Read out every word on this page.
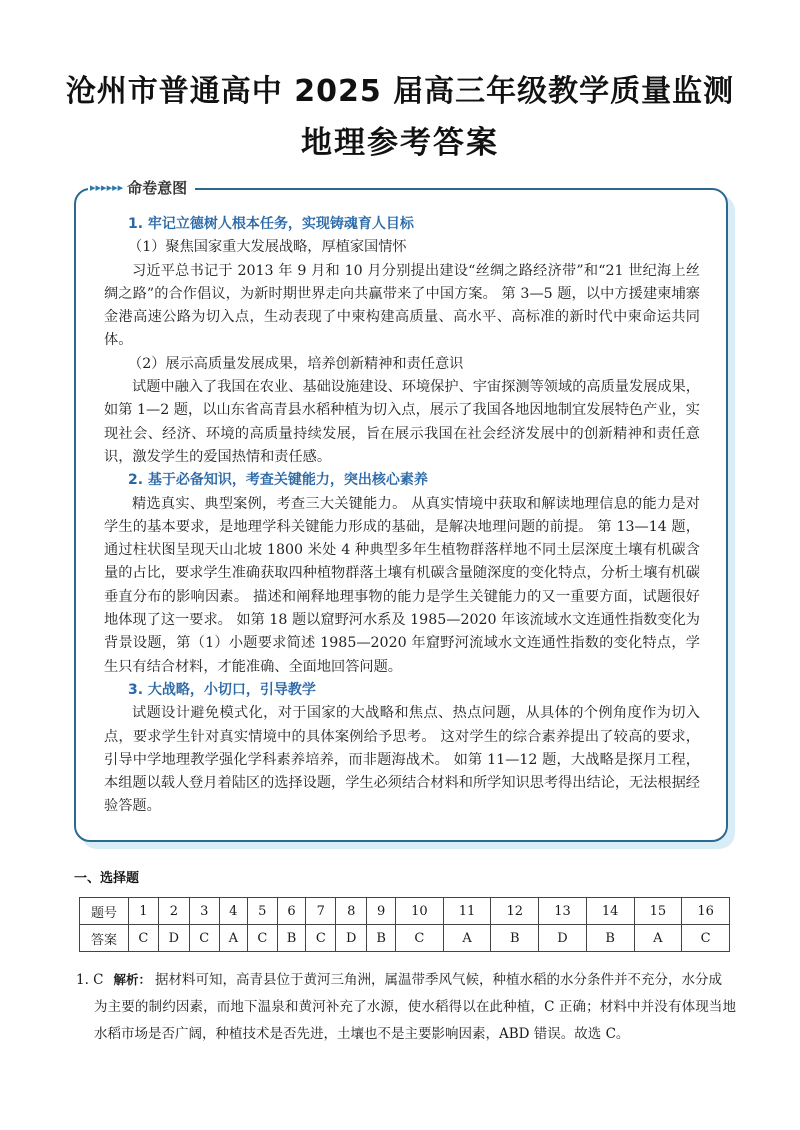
沧州市普通高中 2025 届高三年级教学质量监测
地理参考答案
▸▸▸▸▸▸ 命卷意图
1. 牢记立德树人根本任务，实现铸魂育人目标
（1）聚焦国家重大发展战略，厚植家国情怀
习近平总书记于 2013 年 9 月和 10 月分别提出建设“丝绸之路经济带”和“21 世纪海上丝绸之路”的合作倡议，为新时期世界走向共赢带来了中国方案。 第 3—5 题，以中方援建柬埔寨金港高速公路为切入点，生动表现了中柬构建高质量、高水平、高标准的新时代中柬命运共同体。
（2）展示高质量发展成果，培养创新精神和责任意识
试题中融入了我国在农业、基础设施建设、环境保护、宇宙探测等领域的高质量发展成果，如第 1—2 题，以山东省高青县水稻种植为切入点，展示了我国各地因地制宜发展特色产业，实现社会、经济、环境的高质量持续发展，旨在展示我国在社会经济发展中的创新精神和责任意识，激发学生的爱国热情和责任感。
2. 基于必备知识，考查关键能力，突出核心素养
精选真实、典型案例，考查三大关键能力。 从真实情境中获取和解读地理信息的能力是对学生的基本要求，是地理学科关键能力形成的基础，是解决地理问题的前提。 第 13—14 题，通过柱状图呈现天山北坡 1800 米处 4 种典型多年生植物群落样地不同土层深度土壤有机碳含量的占比，要求学生准确获取四种植物群落土壤有机碳含量随深度的变化特点，分析土壤有机碳垂直分布的影响因素。 描述和阐释地理事物的能力是学生关键能力的又一重要方面，试题很好地体现了这一要求。 如第 18 题以窟野河水系及 1985—2020 年该流域水文连通性指数变化为背景设题，第（1）小题要求简述 1985—2020 年窟野河流域水文连通性指数的变化特点，学生只有结合材料，才能准确、全面地回答问题。
3. 大战略，小切口，引导教学
试题设计避免模式化，对于国家的大战略和焦点、热点问题，从具体的个例角度作为切入点，要求学生针对真实情境中的具体案例给予思考。 这对学生的综合素养提出了较高的要求，引导中学地理教学强化学科素养培养，而非题海战术。 如第 11—12 题，大战略是探月工程，本组题以载人登月着陆区的选择设题，学生必须结合材料和所学知识思考得出结论，无法根据经验答题。
一、选择题
题号	1	2	3	4	5	6	7	8	9	10	11	12	13	14	15	16
答案	C	D	C	A	C	B	C	D	B	C	A	B	D	B	A	C
1. C 解析： 据材料可知，高青县位于黄河三角洲，属温带季风气候，种植水稻的水分条件并不充分，水分成
为主要的制约因素，而地下温泉和黄河补充了水源，使水稻得以在此种植，C 正确；材料中并没有体现当地水稻市场是否广阔，种植技术是否先进，土壤也不是主要影响因素，ABD 错误。故选 C。
